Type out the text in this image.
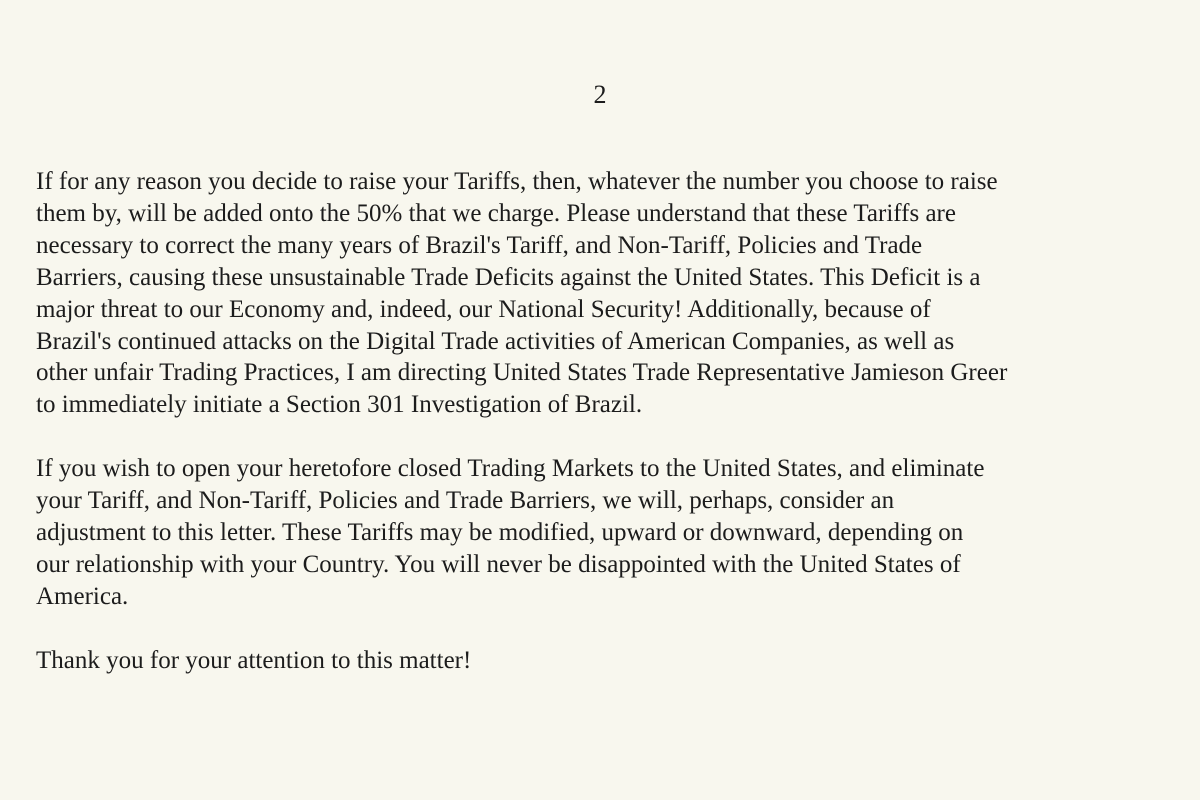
2

If for any reason you decide to raise your Tariffs, then, whatever the number you choose to raise
them by, will be added onto the 50% that we charge. Please understand that these Tariffs are
necessary to correct the many years of Brazil's Tariff, and Non-Tariff, Policies and Trade
Barriers, causing these unsustainable Trade Deficits against the United States. This Deficit is a
major threat to our Economy and, indeed, our National Security! Additionally, because of
Brazil's continued attacks on the Digital Trade activities of American Companies, as well as
other unfair Trading Practices, I am directing United States Trade Representative Jamieson Greer
to immediately initiate a Section 301 Investigation of Brazil.

If you wish to open your heretofore closed Trading Markets to the United States, and eliminate
your Tariff, and Non-Tariff, Policies and Trade Barriers, we will, perhaps, consider an
adjustment to this letter. These Tariffs may be modified, upward or downward, depending on
our relationship with your Country. You will never be disappointed with the United States of
America.

Thank you for your attention to this matter!
